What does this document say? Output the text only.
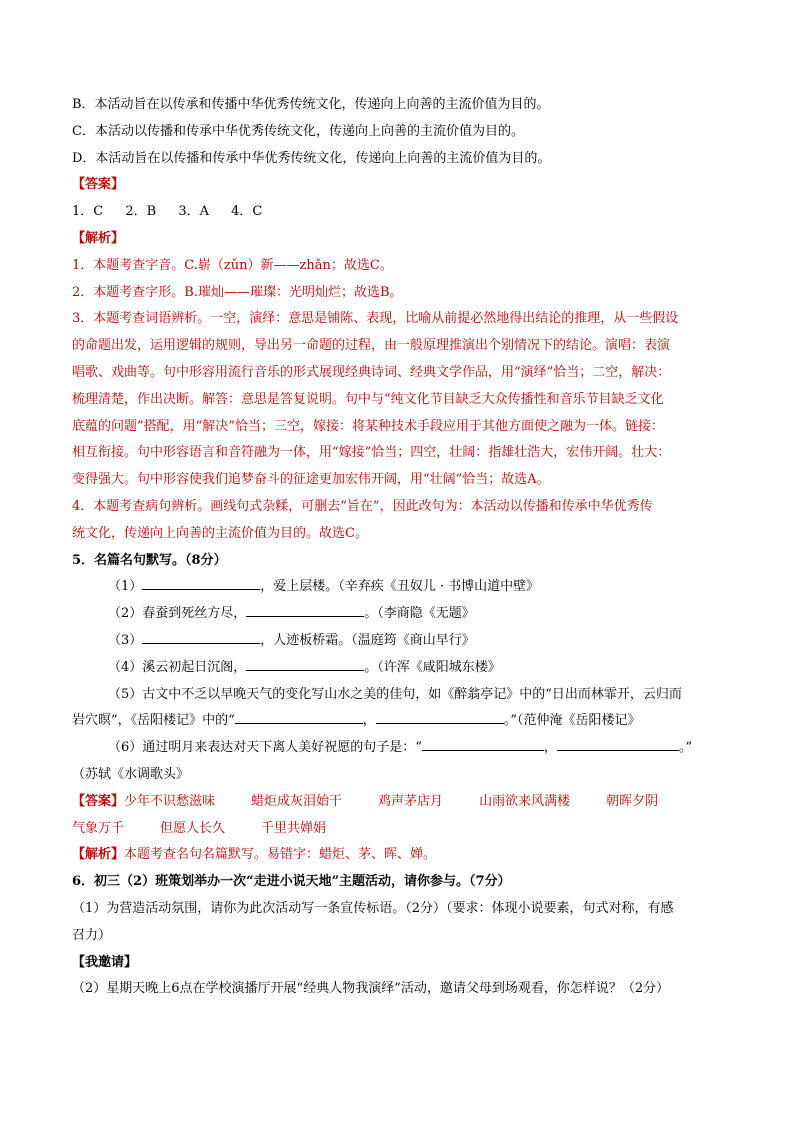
B．本活动旨在以传承和传播中华优秀传统文化，传递向上向善的主流价值为目的。
C．本活动以传播和传承中华优秀传统文化，传递向上向善的主流价值为目的。
D．本活动旨在以传播和传承中华优秀传统文化，传递向上向善的主流价值为目的。
【答案】
1．C 2．B 3．A 4．C
【解析】
1．本题考查字音。C.崭（zǔn）新——zhǎn；故选C。
2．本题考查字形。B.璀灿——璀璨：光明灿烂；故选B。
3．本题考查词语辨析。一空，演绎：意思是铺陈、表现，比喻从前提必然地得出结论的推理，从一些假设
的命题出发，运用逻辑的规则，导出另一命题的过程，由一般原理推演出个别情况下的结论。演唱：表演
唱歌、戏曲等。句中形容用流行音乐的形式展现经典诗词、经典文学作品，用“演绎”恰当；二空，解决：
梳理清楚，作出决断。解答：意思是答复说明。句中与“纯文化节目缺乏大众传播性和音乐节目缺乏文化
底蕴的问题”搭配，用“解决”恰当；三空，嫁接：将某种技术手段应用于其他方面使之融为一体。链接：
相互衔接。句中形容语言和音符融为一体，用“嫁接”恰当；四空，壮阔：指雄壮浩大，宏伟开阔。壮大：
变得强大。句中形容使我们追梦奋斗的征途更加宏伟开阔，用“壮阔”恰当；故选A。
4．本题考查病句辨析。画线句式杂糅，可删去“旨在”，因此改句为：本活动以传播和传承中华优秀传
统文化，传递向上向善的主流价值为目的。故选C。
5．名篇名句默写。（8分）
（1）	，爱上层楼。（辛弃疾《丑奴儿 · 书博山道中壁》
（2）春蚕到死丝方尽，	。（李商隐《无题》
（3）	，人迹板桥霜。（温庭筠《商山早行》
（4）溪云初起日沉阁，	。（许浑《咸阳城东楼》
（5）古文中不乏以早晚天气的变化写山水之美的佳句，如《醉翁亭记》中的“日出而林霏开，云归而
岩穴暝”，《岳阳楼记》中的“	，	。”（范仲淹《岳阳楼记》
（6）通过明月来表达对天下离人美好祝愿的句子是：“	，	。”
（苏轼《水调歌头》
【答案】少年不识愁滋味	蜡炬成灰泪始干	鸡声茅店月	山雨欲来风满楼	朝晖夕阴
气象万千	但愿人长久	千里共婵娟
【解析】本题考查名句名篇默写。易错字：蜡炬、茅、晖、婵。
6．初三（2）班策划举办一次“走进小说天地”主题活动，请你参与。（7分）
（1）为营造活动氛围，请你为此次活动写一条宣传标语。（2分）（要求：体现小说要素，句式对称，有感
召力）
【我邀请】
（2）星期天晚上6点在学校演播厅开展“经典人物我演绎”活动，邀请父母到场观看，你怎样说？（2分）
